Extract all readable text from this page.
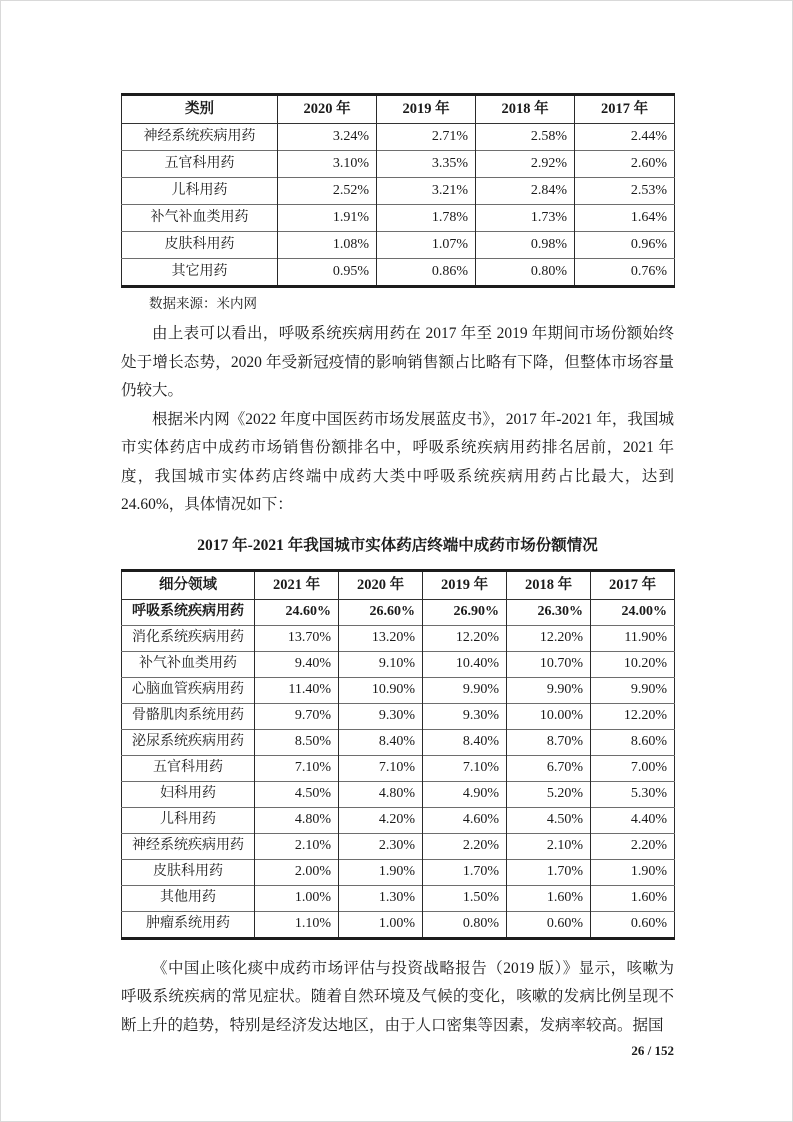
类别	2020 年	2019 年	2018 年	2017 年
神经系统疾病用药	3.24%	2.71%	2.58%	2.44%
五官科用药	3.10%	3.35%	2.92%	2.60%
儿科用药	2.52%	3.21%	2.84%	2.53%
补气补血类用药	1.91%	1.78%	1.73%	1.64%
皮肤科用药	1.08%	1.07%	0.98%	0.96%
其它用药	0.95%	0.86%	0.80%	0.76%
数据来源：米内网

由上表可以看出，呼吸系统疾病用药在 2017 年至 2019 年期间市场份额始终处于增长态势，2020 年受新冠疫情的影响销售额占比略有下降，但整体市场容量仍较大。

根据米内网《2022 年度中国医药市场发展蓝皮书》，2017 年-2021 年，我国城市实体药店中成药市场销售份额排名中，呼吸系统疾病用药排名居前，2021 年度，我国城市实体药店终端中成药大类中呼吸系统疾病用药占比最大，达到 24.60%，具体情况如下：

2017 年-2021 年我国城市实体药店终端中成药市场份额情况
细分领域	2021 年	2020 年	2019 年	2018 年	2017 年
呼吸系统疾病用药	24.60%	26.60%	26.90%	26.30%	24.00%
消化系统疾病用药	13.70%	13.20%	12.20%	12.20%	11.90%
补气补血类用药	9.40%	9.10%	10.40%	10.70%	10.20%
心脑血管疾病用药	11.40%	10.90%	9.90%	9.90%	9.90%
骨骼肌肉系统用药	9.70%	9.30%	9.30%	10.00%	12.20%
泌尿系统疾病用药	8.50%	8.40%	8.40%	8.70%	8.60%
五官科用药	7.10%	7.10%	7.10%	6.70%	7.00%
妇科用药	4.50%	4.80%	4.90%	5.20%	5.30%
儿科用药	4.80%	4.20%	4.60%	4.50%	4.40%
神经系统疾病用药	2.10%	2.30%	2.20%	2.10%	2.20%
皮肤科用药	2.00%	1.90%	1.70%	1.70%	1.90%
其他用药	1.00%	1.30%	1.50%	1.60%	1.60%
肿瘤系统用药	1.10%	1.00%	0.80%	0.60%	0.60%

《中国止咳化痰中成药市场评估与投资战略报告（2019 版）》显示，咳嗽为呼吸系统疾病的常见症状。随着自然环境及气候的变化，咳嗽的发病比例呈现不断上升的趋势，特别是经济发达地区，由于人口密集等因素，发病率较高。据国

26 / 152
